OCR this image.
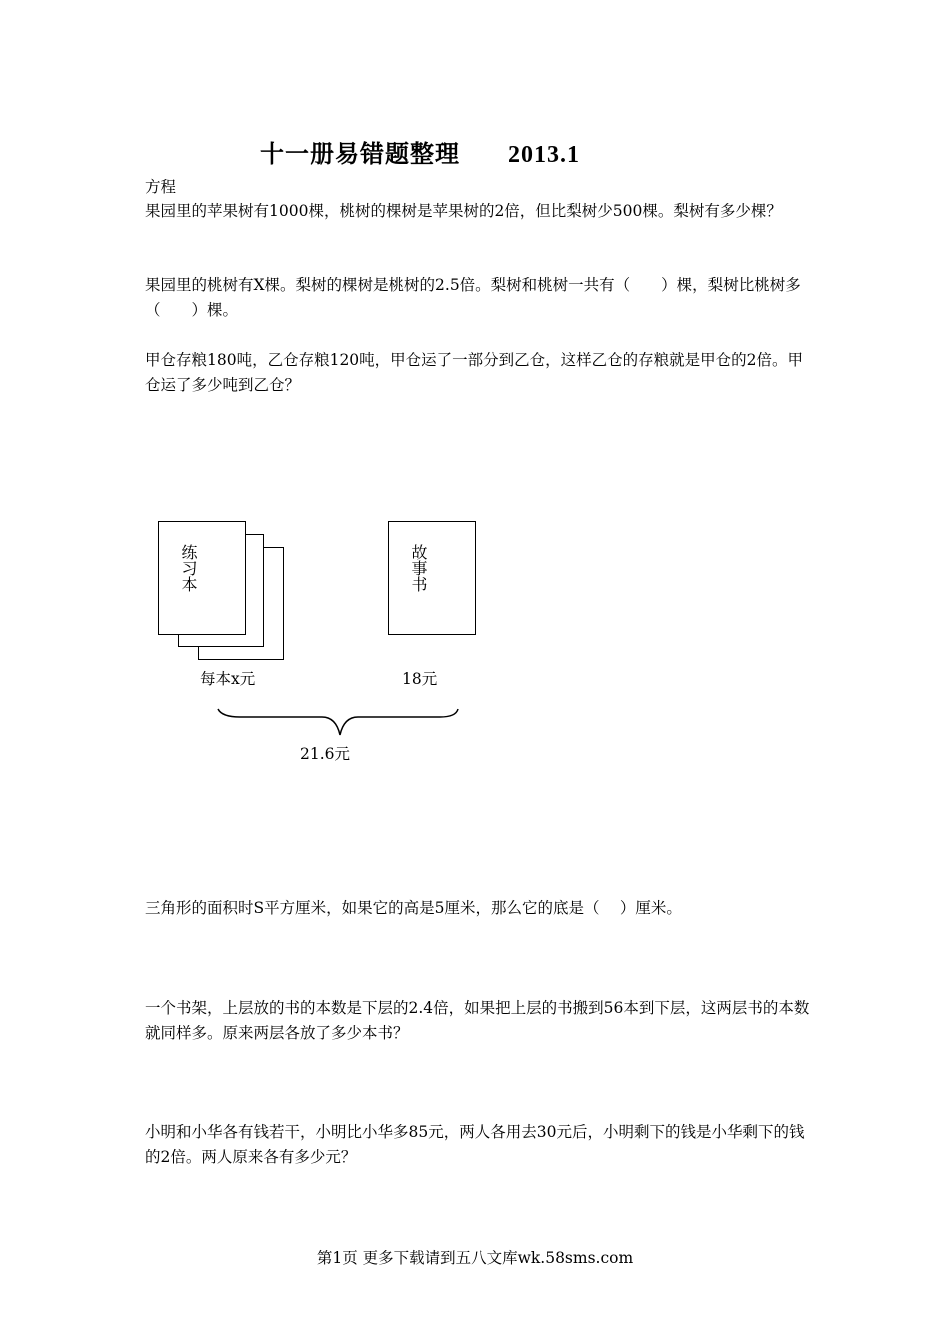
十一册易错题整理 2013.1
方程
果园里的苹果树有1000棵，桃树的棵树是苹果树的2倍，但比梨树少500棵。梨树有多少棵？
果园里的桃树有X棵。梨树的棵树是桃树的2.5倍。梨树和桃树一共有（　　）棵，梨树比桃树多（　　）棵。
甲仓存粮180吨，乙仓存粮120吨，甲仓运了一部分到乙仓，这样乙仓的存粮就是甲仓的2倍。甲仓运了多少吨到乙仓？
练习本	故事书
每本x元	18元
21.6元
三角形的面积时S平方厘米，如果它的高是5厘米，那么它的底是（　 ）厘米。
一个书架，上层放的书的本数是下层的2.4倍，如果把上层的书搬到56本到下层，这两层书的本数就同样多。原来两层各放了多少本书？
小明和小华各有钱若干，小明比小华多85元，两人各用去30元后，小明剩下的钱是小华剩下的钱的2倍。两人原来各有多少元？
第1页 更多下载请到五八文库wk.58sms.com
